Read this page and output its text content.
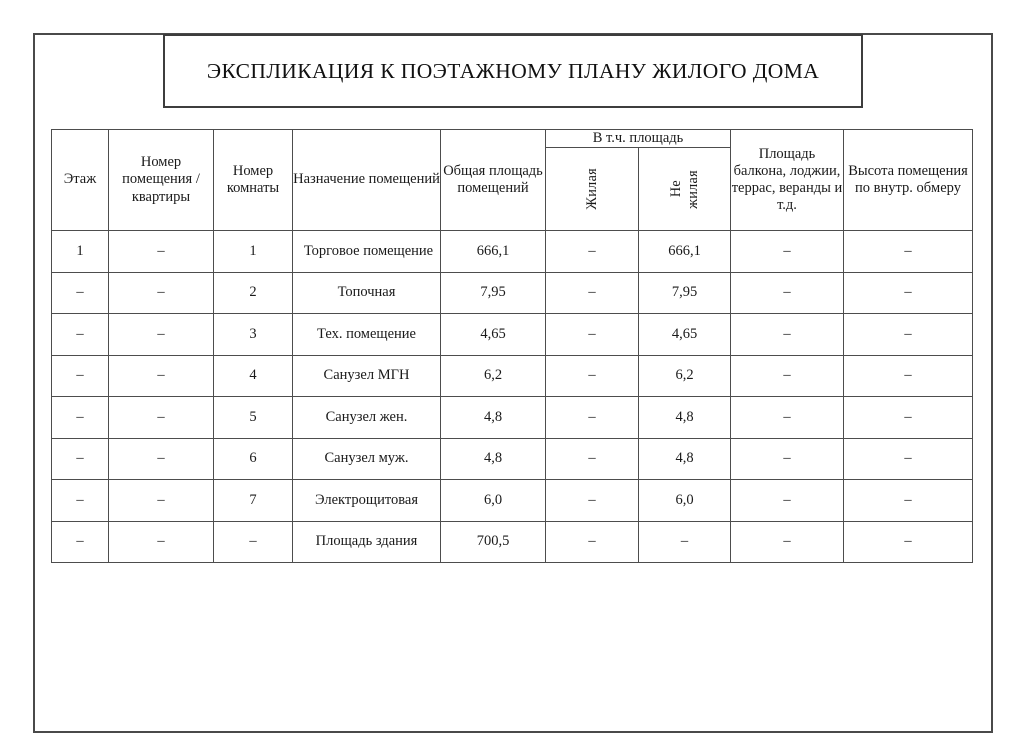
ЭКСПЛИКАЦИЯ К ПОЭТАЖНОМУ ПЛАНУ ЖИЛОГО ДОМА
Этаж	Номер помещения /квартиры	Номер комнаты	Назначение помещений	Общая площадь помещений	В т.ч. площадь	Площадь балкона, лоджии, террас, веранды и т.д.	Высота помещения по внутр. обмеру

Жилая	Не жилая

1	–	1	Торговое помещение	666,1	–	666,1	–	–
–	–	2	Топочная	7,95	–	7,95	–	–
–	–	3	Тех. помещение	4,65	–	4,65	–	–
–	–	4	Санузел МГН	6,2	–	6,2	–	–
–	–	5	Санузел жен.	4,8	–	4,8	–	–
–	–	6	Санузел муж.	4,8	–	4,8	–	–
–	–	7	Электрощитовая	6,0	–	6,0	–	–
–	–	–	Площадь здания	700,5	–	–	–	–
